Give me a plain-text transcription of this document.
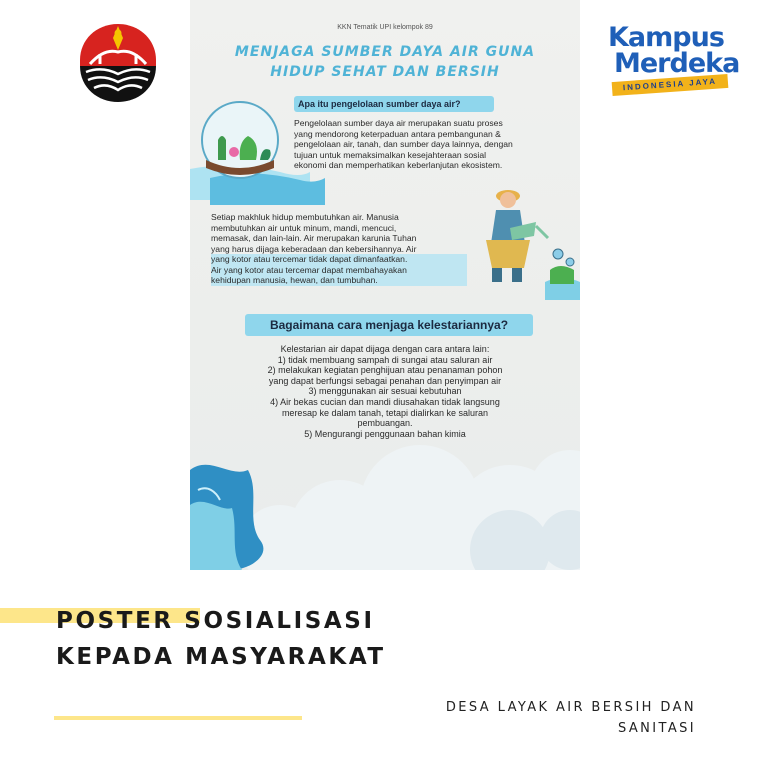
Kampus
Merdeka
INDONESIA JAYA
KKN Tematik UPI kelompok 89
MENJAGA SUMBER DAYA AIR GUNA
HIDUP SEHAT DAN BERSIH
Apa itu pengelolaan sumber daya air?
Pengelolaan sumber daya air merupakan suatu proses
yang mendorong keterpaduan antara pembangunan &
pengelolaan air, tanah, dan sumber daya lainnya, dengan
tujuan untuk memaksimalkan kesejahteraan sosial
ekonomi dan memperhatikan keberlanjutan ekosistem.
Setiap makhluk hidup membutuhkan air. Manusia
membutuhkan air untuk minum, mandi, mencuci,
memasak, dan lain-lain. Air merupakan karunia Tuhan
yang harus dijaga keberadaan dan kebersihannya. Air
yang kotor atau tercemar tidak dapat dimanfaatkan.
Air yang kotor atau tercemar dapat membahayakan
kehidupan manusia, hewan, dan tumbuhan.
Bagaimana cara menjaga kelestariannya?
Kelestarian air dapat dijaga dengan cara antara lain:
1) tidak membuang sampah di sungai atau saluran air
2) melakukan kegiatan penghijuan atau penanaman pohon
yang dapat berfungsi sebagai penahan dan penyimpan air
3) menggunakan air sesuai kebutuhan
4) Air bekas cucian dan mandi diusahakan tidak langsung
meresap ke dalam tanah, tetapi dialirkan ke saluran
pembuangan.
5) Mengurangi penggunaan bahan kimia
POSTER SOSIALISASI
KEPADA MASYARAKAT
DESA LAYAK AIR BERSIH DAN
SANITASI
